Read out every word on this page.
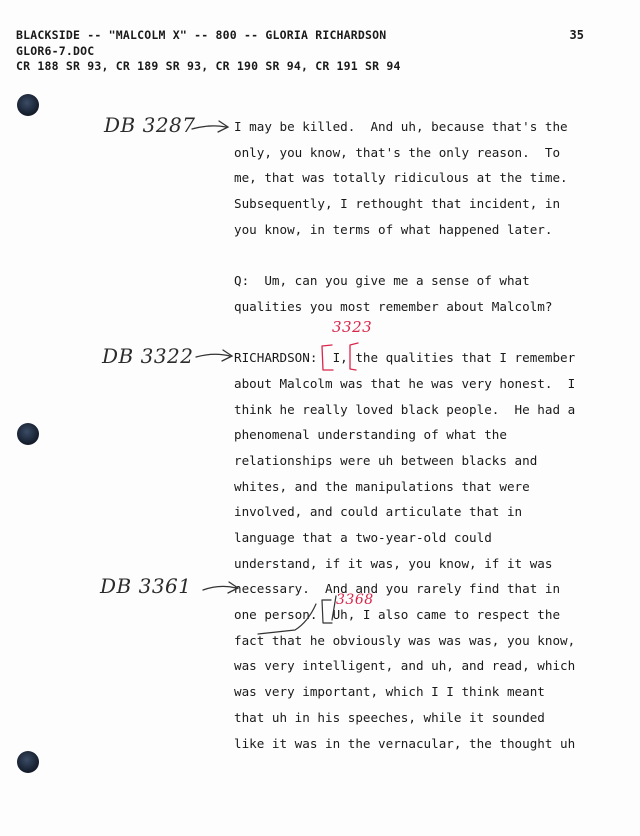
BLACKSIDE -- "MALCOLM X" -- 800 -- GLORIA RICHARDSON
GLOR6-7.DOC
CR 188 SR 93, CR 189 SR 93, CR 190 SR 94, CR 191 SR 94
35
I may be killed.  And uh, because that's the
only, you know, that's the only reason.  To
me, that was totally ridiculous at the time.
Subsequently, I rethought that incident, in
you know, in terms of what happened later.
Q:  Um, can you give me a sense of what
qualities you most remember about Malcolm?
RICHARDSON:  I, the qualities that I remember
about Malcolm was that he was very honest.  I
think he really loved black people.  He had a
phenomenal understanding of what the
relationships were uh between blacks and
whites, and the manipulations that were
involved, and could articulate that in
language that a two-year-old could
understand, if it was, you know, if it was
necessary.  And and you rarely find that in
one person.  Uh, I also came to respect the
fact that he obviously was was was, you know,
was very intelligent, and uh, and read, which
was very important, which I I think meant
that uh in his speeches, while it sounded
like it was in the vernacular, the thought uh
DB 3287
DB 3322
DB 3361
3323
3368
